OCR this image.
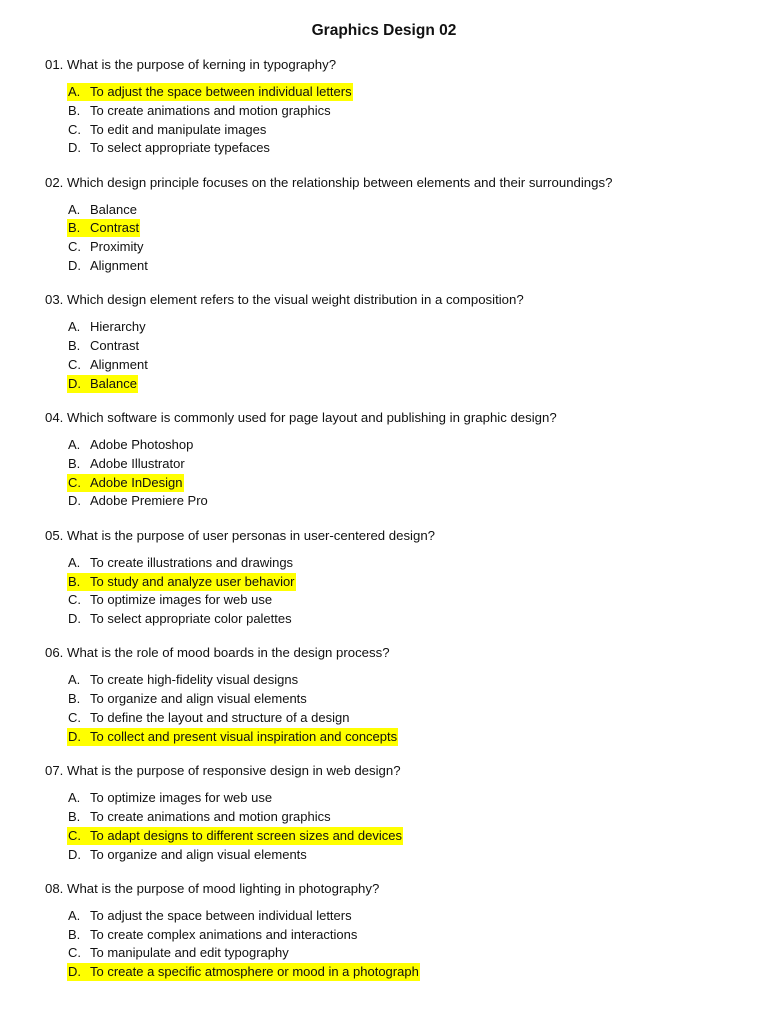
Graphics Design 02
01. What is the purpose of kerning in typography?
A. To adjust the space between individual letters
B. To create animations and motion graphics
C. To edit and manipulate images
D. To select appropriate typefaces
02. Which design principle focuses on the relationship between elements and their surroundings?
A. Balance
B. Contrast
C. Proximity
D. Alignment
03. Which design element refers to the visual weight distribution in a composition?
A. Hierarchy
B. Contrast
C. Alignment
D. Balance
04. Which software is commonly used for page layout and publishing in graphic design?
A. Adobe Photoshop
B. Adobe Illustrator
C. Adobe InDesign
D. Adobe Premiere Pro
05. What is the purpose of user personas in user-centered design?
A. To create illustrations and drawings
B. To study and analyze user behavior
C. To optimize images for web use
D. To select appropriate color palettes
06. What is the role of mood boards in the design process?
A. To create high-fidelity visual designs
B. To organize and align visual elements
C. To define the layout and structure of a design
D. To collect and present visual inspiration and concepts
07. What is the purpose of responsive design in web design?
A. To optimize images for web use
B. To create animations and motion graphics
C. To adapt designs to different screen sizes and devices
D. To organize and align visual elements
08. What is the purpose of mood lighting in photography?
A. To adjust the space between individual letters
B. To create complex animations and interactions
C. To manipulate and edit typography
D. To create a specific atmosphere or mood in a photograph
